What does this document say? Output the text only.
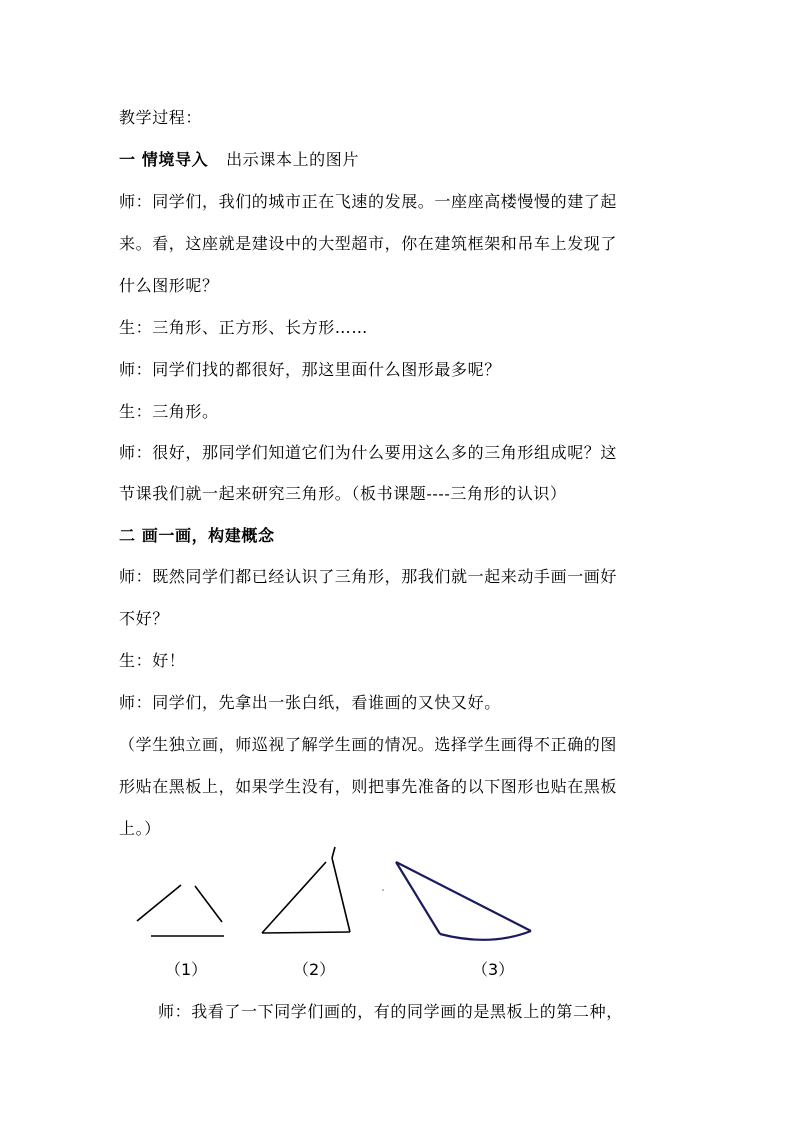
教学过程：
一 情境导入 出示课本上的图片
师：同学们，我们的城市正在飞速的发展。一座座高楼慢慢的建了起
来。看，这座就是建设中的大型超市，你在建筑框架和吊车上发现了
什么图形呢？
生：三角形、正方形、长方形……
师：同学们找的都很好，那这里面什么图形最多呢？
生：三角形。
师：很好，那同学们知道它们为什么要用这么多的三角形组成呢？这
节课我们就一起来研究三角形。（板书课题----三角形的认识）
二 画一画，构建概念
师：既然同学们都已经认识了三角形，那我们就一起来动手画一画好
不好？
生：好！
师：同学们，先拿出一张白纸，看谁画的又快又好。
（学生独立画，师巡视了解学生画的情况。选择学生画得不正确的图
形贴在黑板上，如果学生没有，则把事先准备的以下图形也贴在黑板
上。）
（1）	（2）	（3）
师：我看了一下同学们画的，有的同学画的是黑板上的第二种，
